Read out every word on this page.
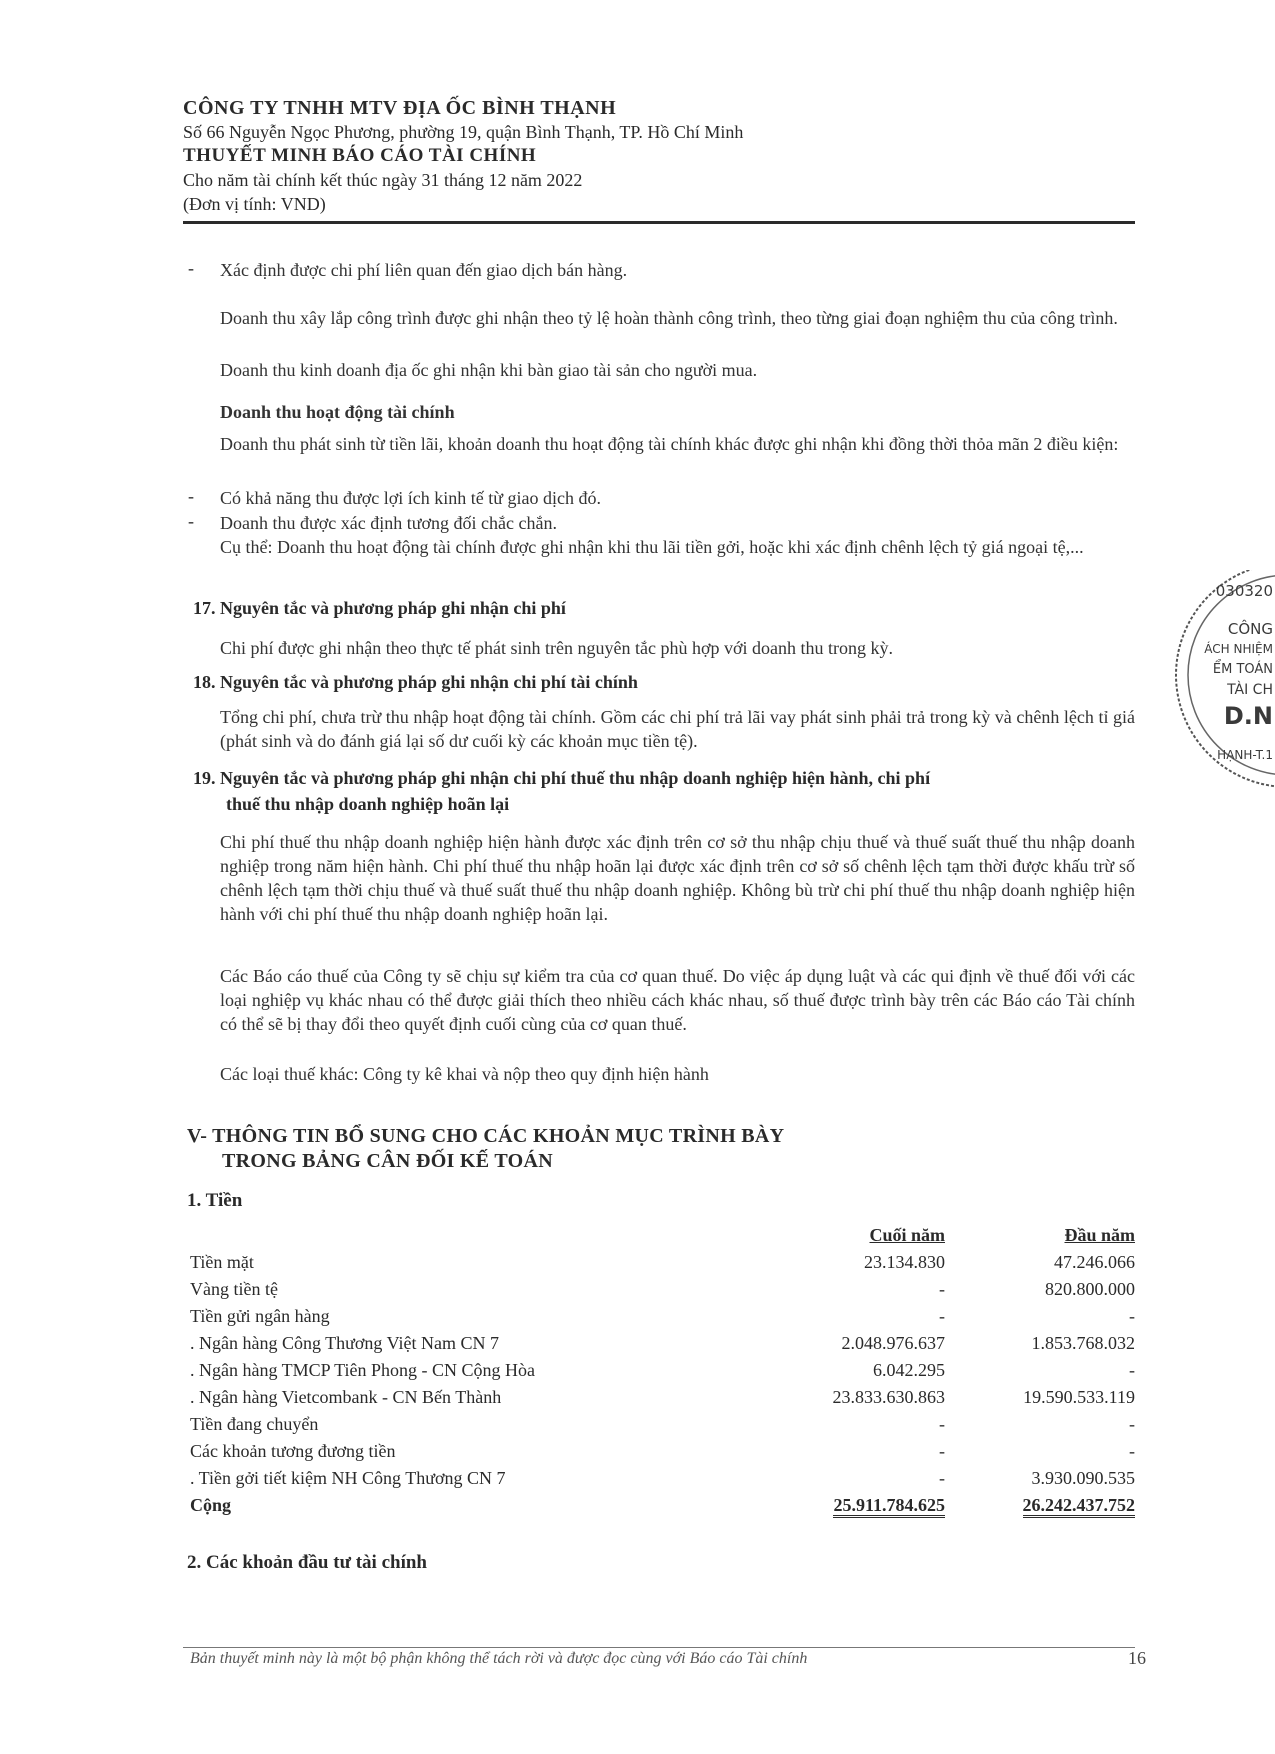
CÔNG TY TNHH MTV ĐỊA ỐC BÌNH THẠNH
Số 66 Nguyễn Ngọc Phương, phường 19, quận Bình Thạnh, TP. Hồ Chí Minh
THUYẾT MINH BÁO CÁO TÀI CHÍNH
Cho năm tài chính kết thúc ngày 31 tháng 12 năm 2022
(Đơn vị tính: VND)
- Xác định được chi phí liên quan đến giao dịch bán hàng.
Doanh thu xây lắp công trình được ghi nhận theo tỷ lệ hoàn thành công trình, theo từng giai đoạn nghiệm thu của công trình.
Doanh thu kinh doanh địa ốc ghi nhận khi bàn giao tài sản cho người mua.
Doanh thu hoạt động tài chính
Doanh thu phát sinh từ tiền lãi, khoản doanh thu hoạt động tài chính khác được ghi nhận khi đồng thời thỏa mãn 2 điều kiện:
- Có khả năng thu được lợi ích kinh tế từ giao dịch đó.
- Doanh thu được xác định tương đối chắc chắn.
Cụ thể: Doanh thu hoạt động tài chính được ghi nhận khi thu lãi tiền gởi, hoặc khi xác định chênh lệch tỷ giá ngoại tệ,...
17. Nguyên tắc và phương pháp ghi nhận chi phí
Chi phí được ghi nhận theo thực tế phát sinh trên nguyên tắc phù hợp với doanh thu trong kỳ.
18. Nguyên tắc và phương pháp ghi nhận chi phí tài chính
Tổng chi phí, chưa trừ thu nhập hoạt động tài chính. Gồm các chi phí trả lãi vay phát sinh phải trả trong kỳ và chênh lệch tỉ giá (phát sinh và do đánh giá lại số dư cuối kỳ các khoản mục tiền tệ).
19. Nguyên tắc và phương pháp ghi nhận chi phí thuế thu nhập doanh nghiệp hiện hành, chi phí
thuế thu nhập doanh nghiệp hoãn lại
Chi phí thuế thu nhập doanh nghiệp hiện hành được xác định trên cơ sở thu nhập chịu thuế và thuế suất thuế thu nhập doanh nghiệp trong năm hiện hành. Chi phí thuế thu nhập hoãn lại được xác định trên cơ sở số chênh lệch tạm thời được khấu trừ số chênh lệch tạm thời chịu thuế và thuế suất thuế thu nhập doanh nghiệp. Không bù trừ chi phí thuế thu nhập doanh nghiệp hiện hành với chi phí thuế thu nhập doanh nghiệp hoãn lại.
Các Báo cáo thuế của Công ty sẽ chịu sự kiểm tra của cơ quan thuế. Do việc áp dụng luật và các qui định về thuế đối với các loại nghiệp vụ khác nhau có thể được giải thích theo nhiều cách khác nhau, số thuế được trình bày trên các Báo cáo Tài chính có thể sẽ bị thay đổi theo quyết định cuối cùng của cơ quan thuế.
Các loại thuế khác: Công ty kê khai và nộp theo quy định hiện hành
V- THÔNG TIN BỔ SUNG CHO CÁC KHOẢN MỤC TRÌNH BÀY
TRONG BẢNG CÂN ĐỐI KẾ TOÁN
1. Tiền
	Cuối năm	Đầu năm
Tiền mặt	23.134.830	47.246.066
Vàng tiền tệ	-	820.800.000
Tiền gửi ngân hàng	-	-
. Ngân hàng Công Thương Việt Nam CN 7	2.048.976.637	1.853.768.032
. Ngân hàng TMCP Tiên Phong - CN Cộng Hòa	6.042.295	-
. Ngân hàng Vietcombank - CN Bến Thành	23.833.630.863	19.590.533.119
Tiền đang chuyển	-	-
Các khoản tương đương tiền	-	-
. Tiền gởi tiết kiệm NH Công Thương CN 7	-	3.930.090.535
Cộng	25.911.784.625	26.242.437.752
2. Các khoản đầu tư tài chính
Bản thuyết minh này là một bộ phận không thể tách rời và được đọc cùng với Báo cáo Tài chính	16
030320
CÔNG
ÁCH NHIỆM
ỂM TOÁN
TÀI CH
D.N
HẠNH-T.1
